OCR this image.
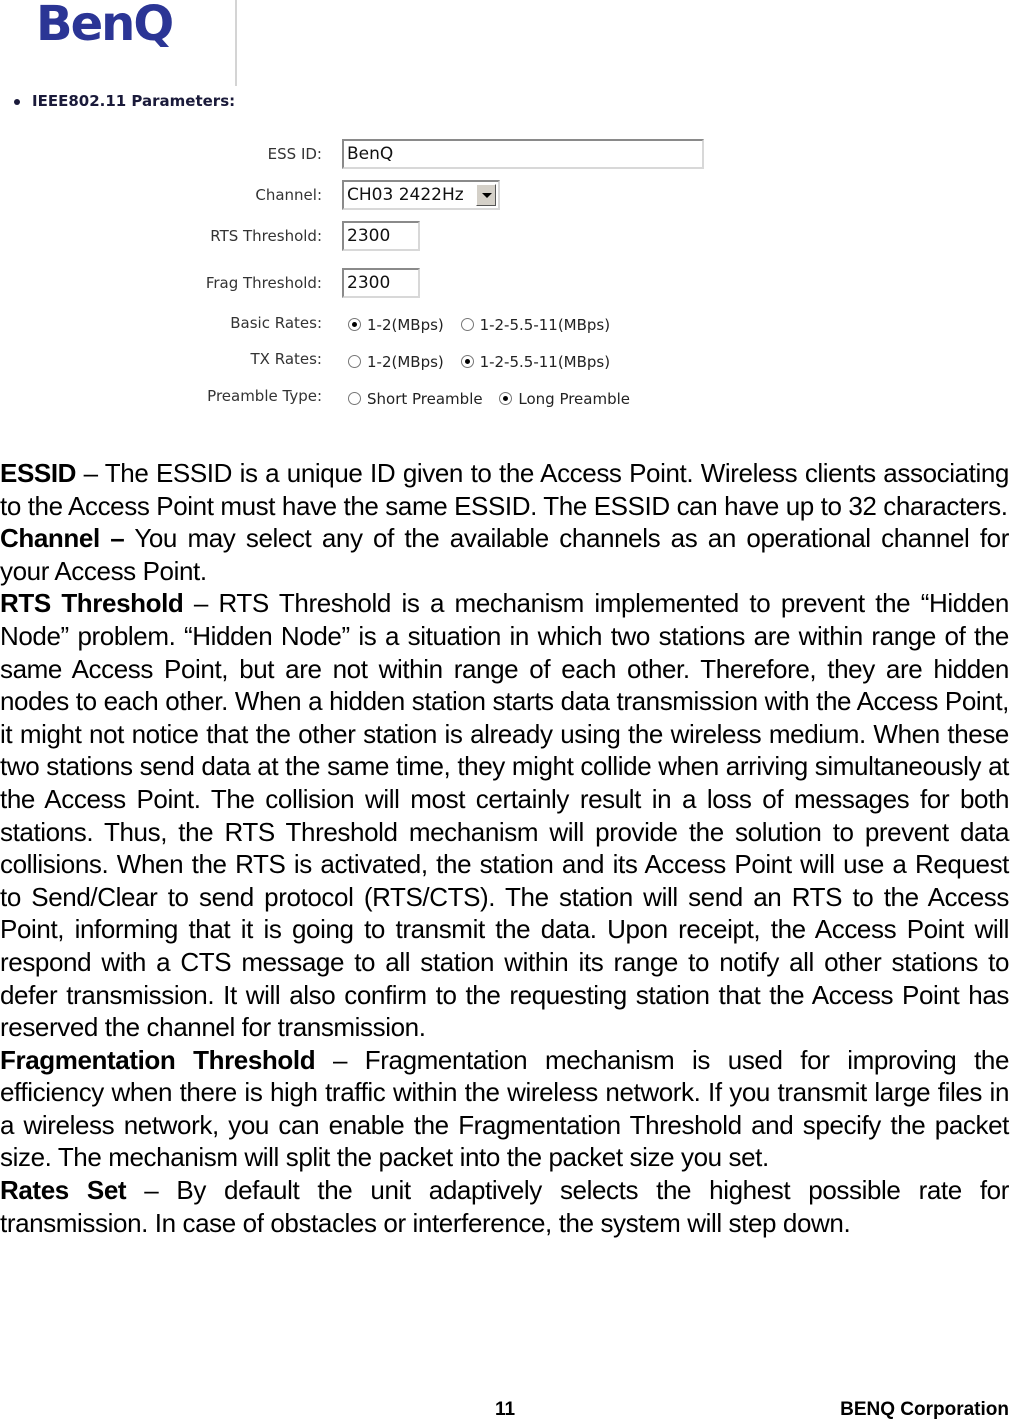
BenQ
IEEE802.11 Parameters:
ESS ID: BenQ
Channel: CH03 2422Hz
RTS Threshold: 2300
Frag Threshold: 2300
Basic Rates:	1-2(MBps) 1-2-5.5-11(MBps)
TX Rates:	1-2(MBps) 1-2-5.5-11(MBps)
Preamble Type:	Short Preamble Long Preamble

ESSID – The ESSID is a unique ID given to the Access Point. Wireless clients associating to the Access Point must have the same ESSID. The ESSID can have up to 32 characters.

Channel – You may select any of the available channels as an operational channel for your Access Point.

RTS Threshold – RTS Threshold is a mechanism implemented to prevent the “Hidden Node” problem. “Hidden Node” is a situation in which two stations are within range of the same Access Point, but are not within range of each other. Therefore, they are hidden nodes to each other. When a hidden station starts data transmission with the Access Point, it might not notice that the other station is already using the wireless medium. When these two stations send data at the same time, they might collide when arriving simultaneously at the Access Point. The collision will most certainly result in a loss of messages for both stations. Thus, the RTS Threshold mechanism will provide the solution to prevent data collisions. When the RTS is activated, the station and its Access Point will use a Request to Send/Clear to send protocol (RTS/CTS). The station will send an RTS to the Access Point, informing that it is going to transmit the data. Upon receipt, the Access Point will respond with a CTS message to all station within its range to notify all other stations to defer transmission. It will also confirm to the requesting station that the Access Point has reserved the channel for transmission.

Fragmentation Threshold – Fragmentation mechanism is used for improving the efficiency when there is high traffic within the wireless network. If you transmit large files in a wireless network, you can enable the Fragmentation Threshold and specify the packet size. The mechanism will split the packet into the packet size you set.

Rates Set – By default the unit adaptively selects the highest possible rate for transmission. In case of obstacles or interference, the system will step down.

11	BENQ Corporation
